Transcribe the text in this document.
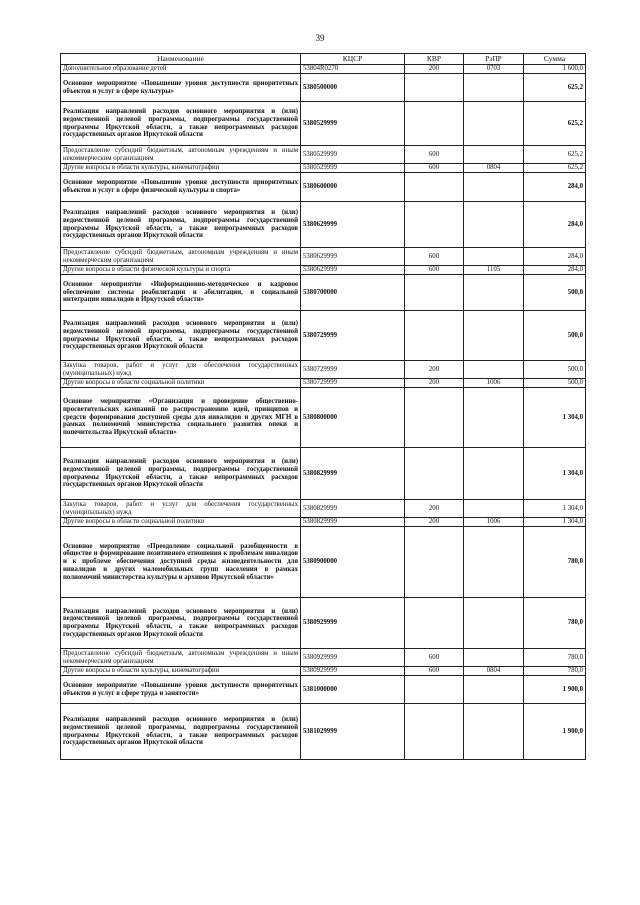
39
Наименование	КЦСР	КВР	РзПР	Сумма
Дополнительное образование детей	53804R0270	200	0703	1 600,0
Основное мероприятие «Повышение уровня доступности приоритетных объектов и услуг в сфере культуры»	5380500000			625,2
Реализация направлений расходов основного мероприятия и (или) ведомственной целевой программы, подпрограммы государственной программы Иркутской области, а также непрограммных расходов государственных органов Иркутской области	5380529999			625,2
Предоставление субсидий бюджетным, автономным учреждениям и иным некоммерческим организациям	5380529999	600		625,2
Другие вопросы в области культуры, кинематографии	5380529999	600	0804	625,2
Основное мероприятие «Повышение уровня доступности приоритетных объектов и услуг в сфере физической культуры и спорта»	5380600000			284,0
Реализация направлений расходов основного мероприятия и (или) ведомственной целевой программы, подпрограммы государственной программы Иркутской области, а также непрограммных расходов государственных органов Иркутской области	5380629999			284,0
Предоставление субсидий бюджетным, автономным учреждениям и иным некоммерческим организациям	5380629999	600		284,0
Другие вопросы в области физической культуры и спорта	5380629999	600	1105	284,0
Основное мероприятие «Информационно-методическое и кадровое обеспечение системы реабилитации и абилитации, и социальной интеграции инвалидов в Иркутской области»	5380700000			500,0
Реализация направлений расходов основного мероприятия и (или) ведомственной целевой программы, подпрограммы государственной программы Иркутской области, а также непрограммных расходов государственных органов Иркутской области	5380729999			500,0
Закупка товаров, работ и услуг для обеспечения государственных (муниципальных) нужд	5380729999	200		500,0
Другие вопросы в области социальной политики	5380729999	200	1006	500,0
Основное мероприятие «Организация и проведение общественно-просветительских кампаний по распространению идей, принципов и средств формирования доступной среды для инвалидов и других МГН в рамках полномочий министерства социального развития опеки и попечительства Иркутской области»	5380800000			1 304,0
Реализация направлений расходов основного мероприятия и (или) ведомственной целевой программы, подпрограммы государственной программы Иркутской области, а также непрограммных расходов государственных органов Иркутской области	5380829999			1 304,0
Закупка товаров, работ и услуг для обеспечения государственных (муниципальных) нужд	5380829999	200		1 304,0
Другие вопросы в области социальной политики	5380829999	200	1006	1 304,0
Основное мероприятие «Преодоление социальной разобщенности в обществе и формирование позитивного отношения к проблемам инвалидов и к проблеме обеспечения доступной среды жизнедеятельности для инвалидов и других маломобильных групп населения в рамках полномочий министерства культуры и архивов Иркутской области»	5380900000			780,0
Реализация направлений расходов основного мероприятия и (или) ведомственной целевой программы, подпрограммы государственной программы Иркутской области, а также непрограммных расходов государственных органов Иркутской области	5380929999			780,0
Предоставление субсидий бюджетным, автономным учреждениям и иным некоммерческим организациям	5380929999	600		780,0
Другие вопросы в области культуры, кинематографии	5380929999	600	0804	780,0
Основное мероприятие «Повышение уровня доступности приоритетных объектов и услуг в сфере труда и занятости»	5381000000			1 900,0
Реализация направлений расходов основного мероприятия и (или) ведомственной целевой программы, подпрограммы государственной программы Иркутской области, а также непрограммных расходов государственных органов Иркутской области	5381029999			1 900,0
